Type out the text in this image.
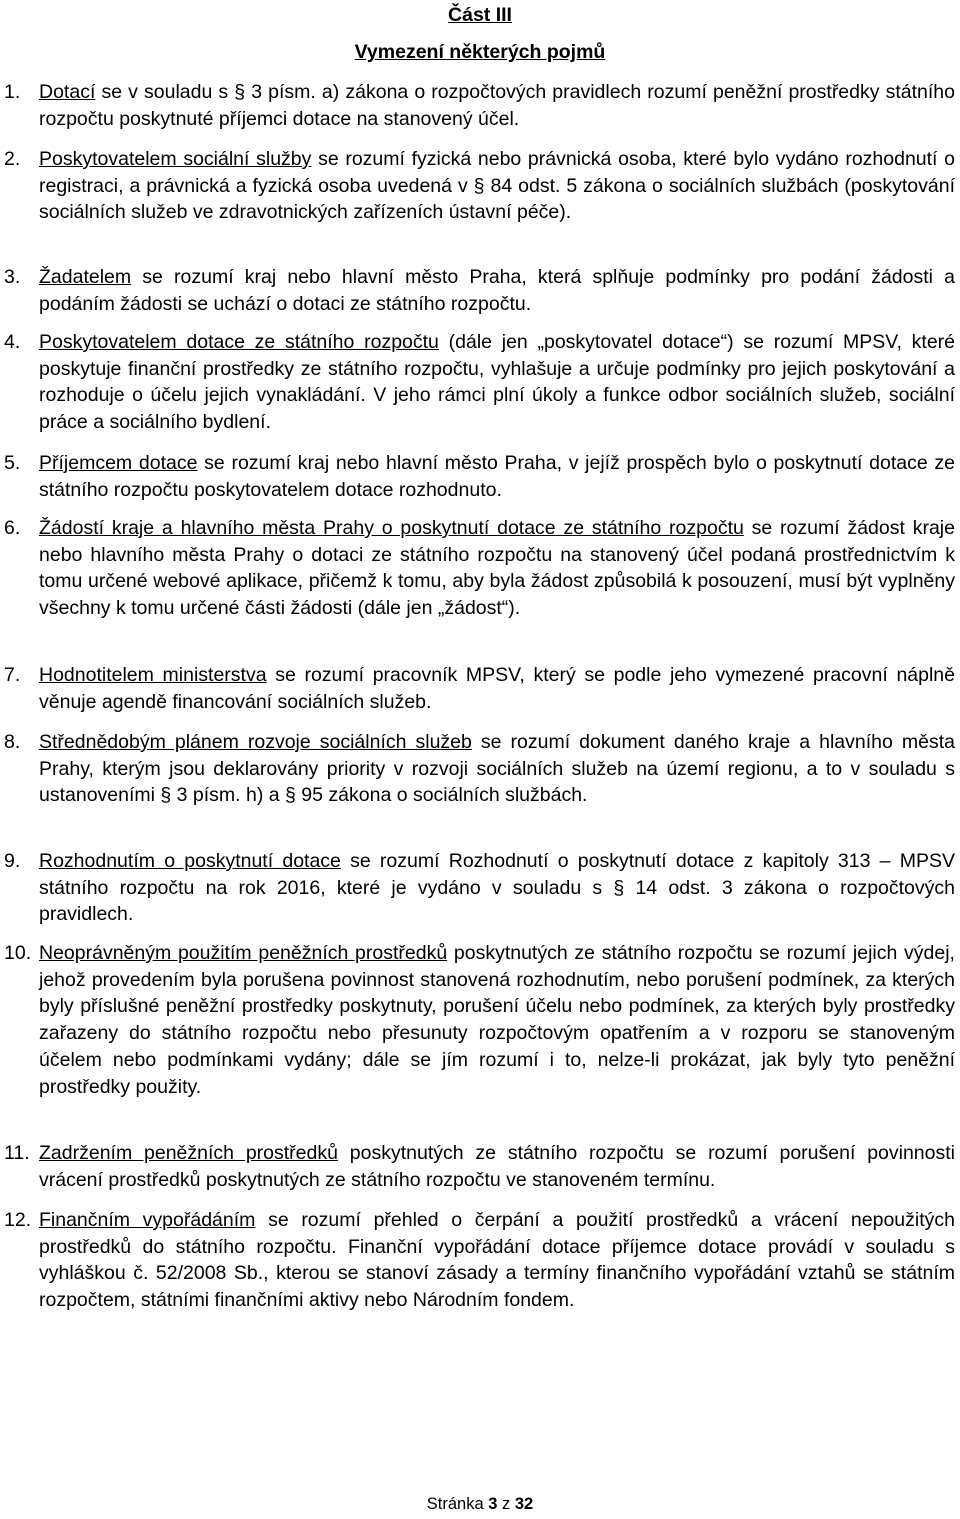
Část III
Vymezení některých pojmů
1. Dotací se v souladu s § 3 písm. a) zákona o rozpočtových pravidlech rozumí peněžní prostředky státního rozpočtu poskytnuté příjemci dotace na stanovený účel.
2. Poskytovatelem sociální služby se rozumí fyzická nebo právnická osoba, které bylo vydáno rozhodnutí o registraci, a právnická a fyzická osoba uvedená v § 84 odst. 5 zákona o sociálních službách (poskytování sociálních služeb ve zdravotnických zařízeních ústavní péče).
3. Žadatelem se rozumí kraj nebo hlavní město Praha, která splňuje podmínky pro podání žádosti a podáním žádosti se uchází o dotaci ze státního rozpočtu.
4. Poskytovatelem dotace ze státního rozpočtu (dále jen „poskytovatel dotace“) se rozumí MPSV, které poskytuje finanční prostředky ze státního rozpočtu, vyhlašuje a určuje podmínky pro jejich poskytování a rozhoduje o účelu jejich vynakládání. V jeho rámci plní úkoly a funkce odbor sociálních služeb, sociální práce a sociálního bydlení.
5. Příjemcem dotace se rozumí kraj nebo hlavní město Praha, v jejíž prospěch bylo o poskytnutí dotace ze státního rozpočtu poskytovatelem dotace rozhodnuto.
6. Žádostí kraje a hlavního města Prahy o poskytnutí dotace ze státního rozpočtu se rozumí žádost kraje nebo hlavního města Prahy o dotaci ze státního rozpočtu na stanovený účel podaná prostřednictvím k tomu určené webové aplikace, přičemž k tomu, aby byla žádost způsobilá k posouzení, musí být vyplněny všechny k tomu určené části žádosti (dále jen „žádost“).
7. Hodnotitelem ministerstva se rozumí pracovník MPSV, který se podle jeho vymezené pracovní náplně věnuje agendě financování sociálních služeb.
8. Střednědobým plánem rozvoje sociálních služeb se rozumí dokument daného kraje a hlavního města Prahy, kterým jsou deklarovány priority v rozvoji sociálních služeb na území regionu, a to v souladu s ustanoveními § 3 písm. h) a § 95 zákona o sociálních službách.
9. Rozhodnutím o poskytnutí dotace se rozumí Rozhodnutí o poskytnutí dotace z kapitoly 313 – MPSV státního rozpočtu na rok 2016, které je vydáno v souladu s § 14 odst. 3 zákona o rozpočtových pravidlech.
10. Neoprávněným použitím peněžních prostředků poskytnutých ze státního rozpočtu se rozumí jejich výdej, jehož provedením byla porušena povinnost stanovená rozhodnutím, nebo porušení podmínek, za kterých byly příslušné peněžní prostředky poskytnuty, porušení účelu nebo podmínek, za kterých byly prostředky zařazeny do státního rozpočtu nebo přesunuty rozpočtovým opatřením a v rozporu se stanoveným účelem nebo podmínkami vydány; dále se jím rozumí i to, nelze-li prokázat, jak byly tyto peněžní prostředky použity.
11. Zadržením peněžních prostředků poskytnutých ze státního rozpočtu se rozumí porušení povinnosti vrácení prostředků poskytnutých ze státního rozpočtu ve stanoveném termínu.
12. Finančním vypořádáním se rozumí přehled o čerpání a použití prostředků a vrácení nepoužitých prostředků do státního rozpočtu. Finanční vypořádání dotace příjemce dotace provádí v souladu s vyhláškou č. 52/2008 Sb., kterou se stanoví zásady a termíny finančního vypořádání vztahů se státním rozpočtem, státními finančními aktivy nebo Národním fondem.
Stránka 3 z 32
